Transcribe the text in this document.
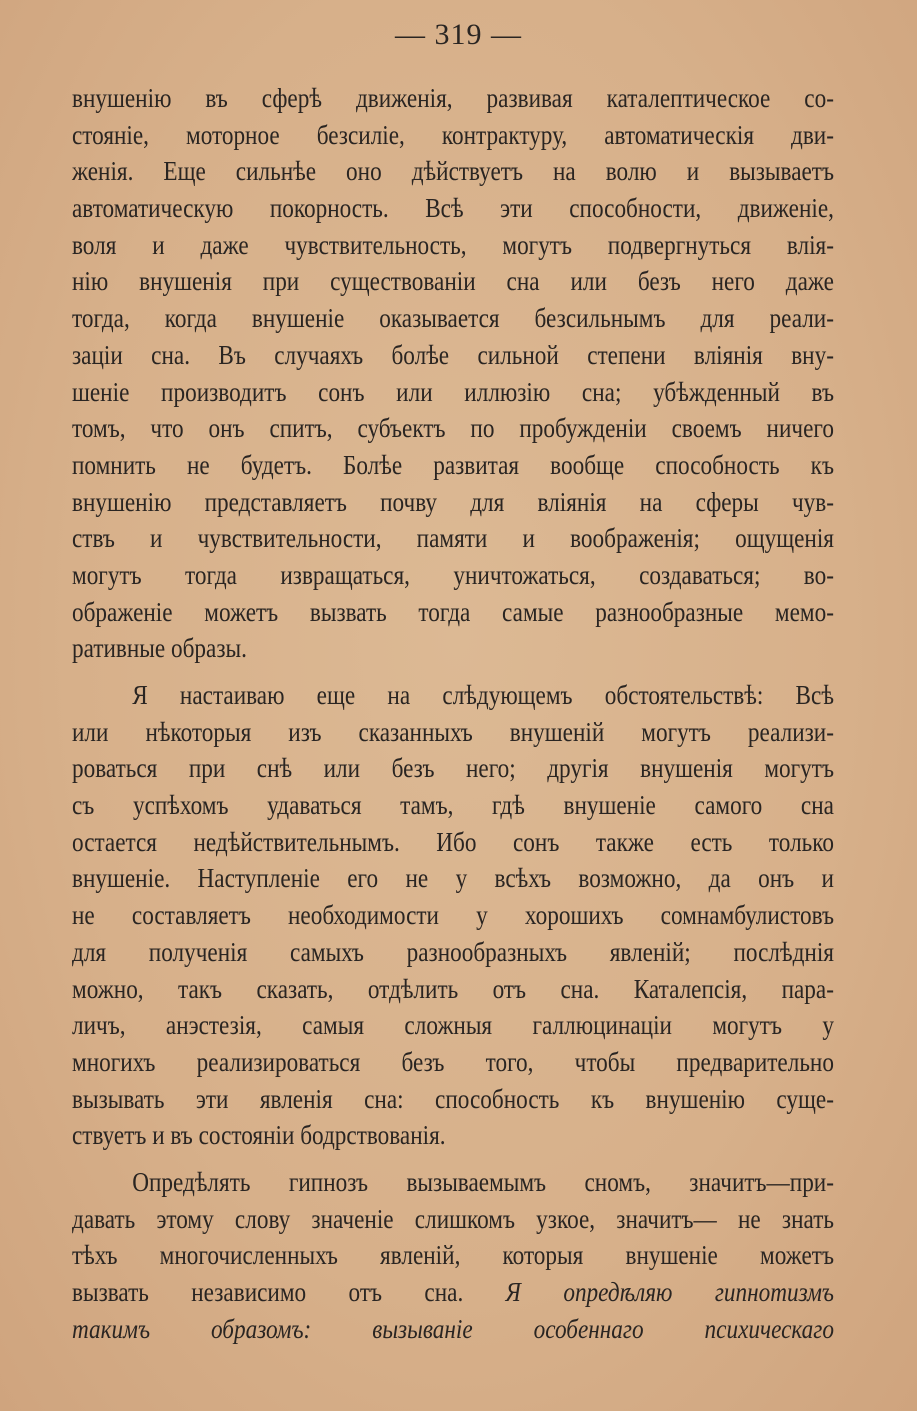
— 319 —
внушенію въ сферѣ движенія, развивая каталептическое со-
стояніе, моторное безсиліе, контрактуру, автоматическія дви-
женія. Еще сильнѣе оно дѣйствуетъ на волю и вызываетъ
автоматическую покорность. Всѣ эти способности, движеніе,
воля и даже чувствительность, могутъ подвергнуться влія-
нію внушенія при существованіи сна или безъ него даже
тогда, когда внушеніе оказывается безсильнымъ для реали-
заціи сна. Въ случаяхъ болѣе сильной степени вліянія вну-
шеніе производитъ сонъ или иллюзію сна; убѣжденный въ
томъ, что онъ спитъ, субъектъ по пробужденіи своемъ ничего
помнить не будетъ. Болѣе развитая вообще способность къ
внушенію представляетъ почву для вліянія на сферы чув-
ствъ и чувствительности, памяти и воображенія; ощущенія
могутъ тогда извращаться, уничтожаться, создаваться; во-
ображеніе можетъ вызвать тогда самые разнообразные мемо-
ративные образы.
Я настаиваю еще на слѣдующемъ обстоятельствѣ: Всѣ
или нѣкоторыя изъ сказанныхъ внушеній могутъ реализи-
роваться при снѣ или безъ него; другія внушенія могутъ
съ успѣхомъ удаваться тамъ, гдѣ внушеніе самого сна
остается недѣйствительнымъ. Ибо сонъ также есть только
внушеніе. Наступленіе его не у всѣхъ возможно, да онъ и
не составляетъ необходимости у хорошихъ сомнамбулистовъ
для полученія самыхъ разнообразныхъ явленій; послѣднія
можно, такъ сказать, отдѣлить отъ сна. Каталепсія, пара-
личъ, анэстезія, самыя сложныя галлюцинаціи могутъ у
многихъ реализироваться безъ того, чтобы предварительно
вызывать эти явленія сна: способность къ внушенію суще-
ствуетъ и въ состояніи бодрствованія.
Опредѣлять гипнозъ вызываемымъ сномъ, значитъ—при-
давать этому слову значеніе слишкомъ узкое, значитъ— не знать
тѣхъ многочисленныхъ явленій, которыя внушеніе можетъ
вызвать независимо отъ сна. Я опредѣляю гипнотизмъ
такимъ образомъ: вызываніе особеннаго психическаго
